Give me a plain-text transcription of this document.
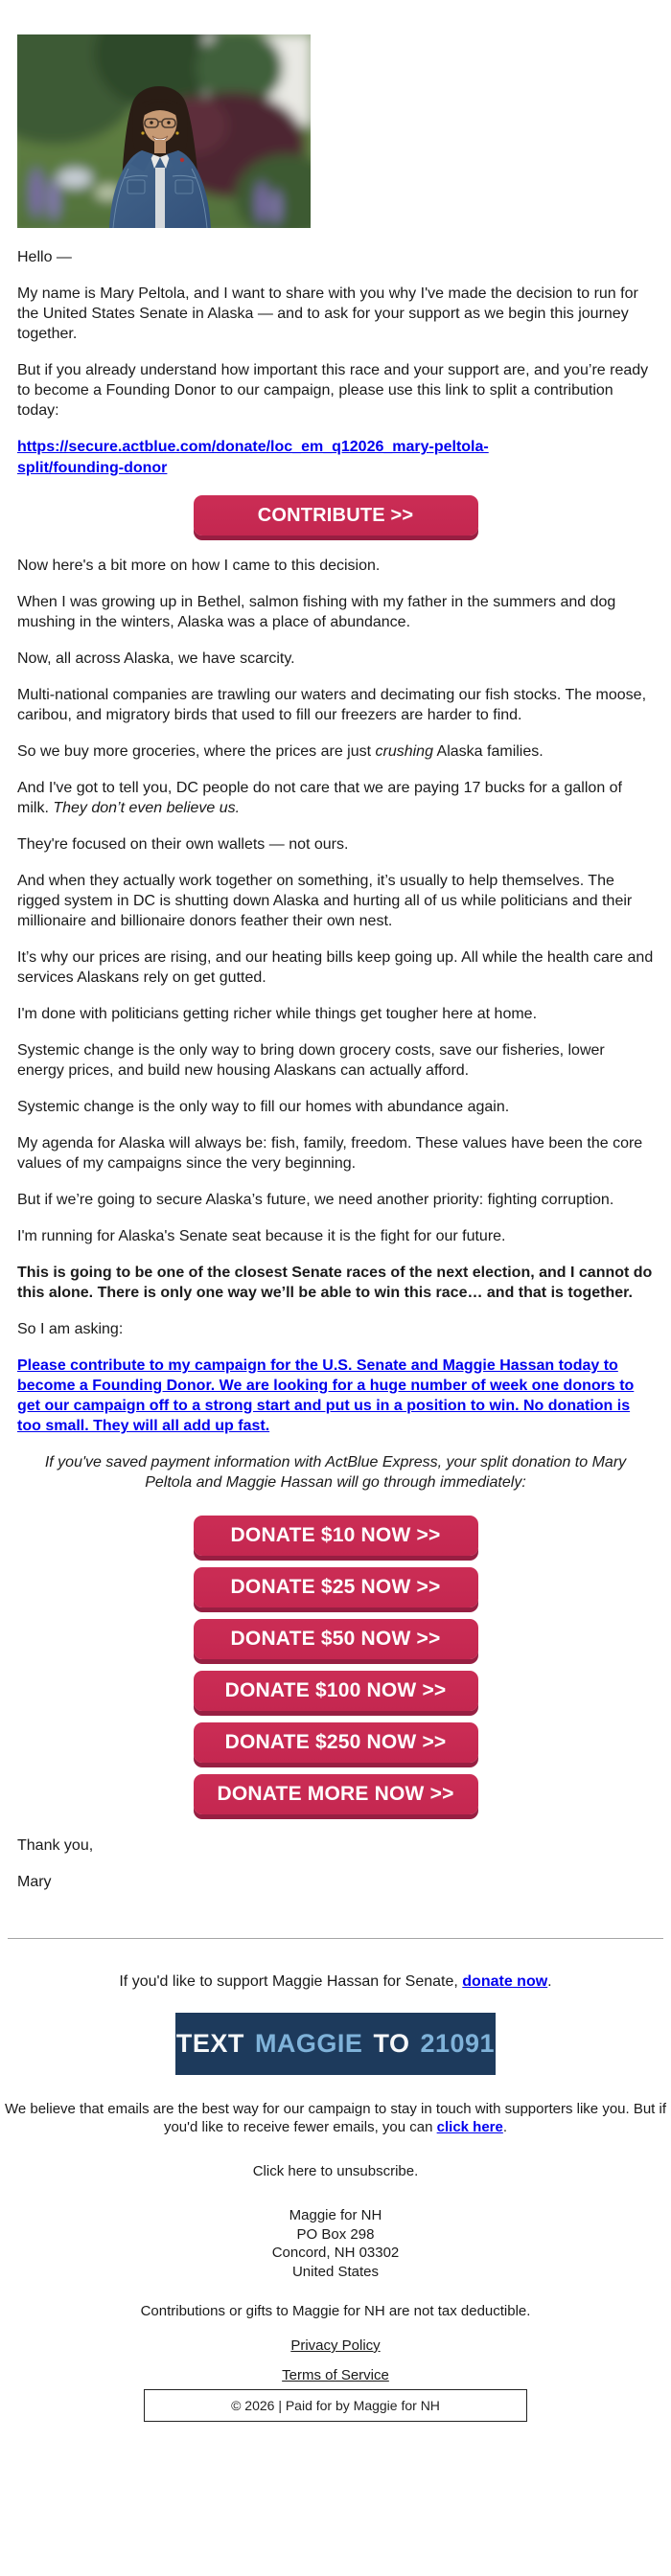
Hello —

My name is Mary Peltola, and I want to share with you why I've made the decision to run for the United States Senate in Alaska — and to ask for your support as we begin this journey together.

But if you already understand how important this race and your support are, and you’re ready to become a Founding Donor to our campaign, please use this link to split a contribution today:

https://secure.actblue.com/donate/loc_em_q12026_mary-peltola-
split/founding-donor

CONTRIBUTE >>

Now here's a bit more on how I came to this decision.

When I was growing up in Bethel, salmon fishing with my father in the summers and dog mushing in the winters, Alaska was a place of abundance.

Now, all across Alaska, we have scarcity.

Multi-national companies are trawling our waters and decimating our fish stocks. The moose, caribou, and migratory birds that used to fill our freezers are harder to find.

So we buy more groceries, where the prices are just crushing Alaska families.

And I've got to tell you, DC people do not care that we are paying 17 bucks for a gallon of milk. They don’t even believe us.

They're focused on their own wallets — not ours.

And when they actually work together on something, it’s usually to help themselves. The rigged system in DC is shutting down Alaska and hurting all of us while politicians and their millionaire and billionaire donors feather their own nest.

It’s why our prices are rising, and our heating bills keep going up. All while the health care and services Alaskans rely on get gutted.

I'm done with politicians getting richer while things get tougher here at home.

Systemic change is the only way to bring down grocery costs, save our fisheries, lower energy prices, and build new housing Alaskans can actually afford.

Systemic change is the only way to fill our homes with abundance again.

My agenda for Alaska will always be: fish, family, freedom. These values have been the core values of my campaigns since the very beginning.

But if we’re going to secure Alaska’s future, we need another priority: fighting corruption.

I'm running for Alaska's Senate seat because it is the fight for our future.

This is going to be one of the closest Senate races of the next election, and I cannot do this alone. There is only one way we’ll be able to win this race… and that is together.

So I am asking:

Please contribute to my campaign for the U.S. Senate and Maggie Hassan today to become a Founding Donor. We are looking for a huge number of week one donors to get our campaign off to a strong start and put us in a position to win. No donation is too small. They will all add up fast.

If you've saved payment information with ActBlue Express, your split donation to Mary Peltola and Maggie Hassan will go through immediately:

DONATE $10 NOW >>
DONATE $25 NOW >>
DONATE $50 NOW >>
DONATE $100 NOW >>
DONATE $250 NOW >>
DONATE MORE NOW >>

Thank you,

Mary

If you'd like to support Maggie Hassan for Senate, donate now.
TEXT MAGGIE TO 21091
We believe that emails are the best way for our campaign to stay in touch with supporters like you. But if you'd like to receive fewer emails, you can click here.
Click here to unsubscribe.
Maggie for NH
PO Box 298
Concord, NH 03302
United States
Contributions or gifts to Maggie for NH are not tax deductible.
Privacy Policy
Terms of Service
© 2026 | Paid for by Maggie for NH
